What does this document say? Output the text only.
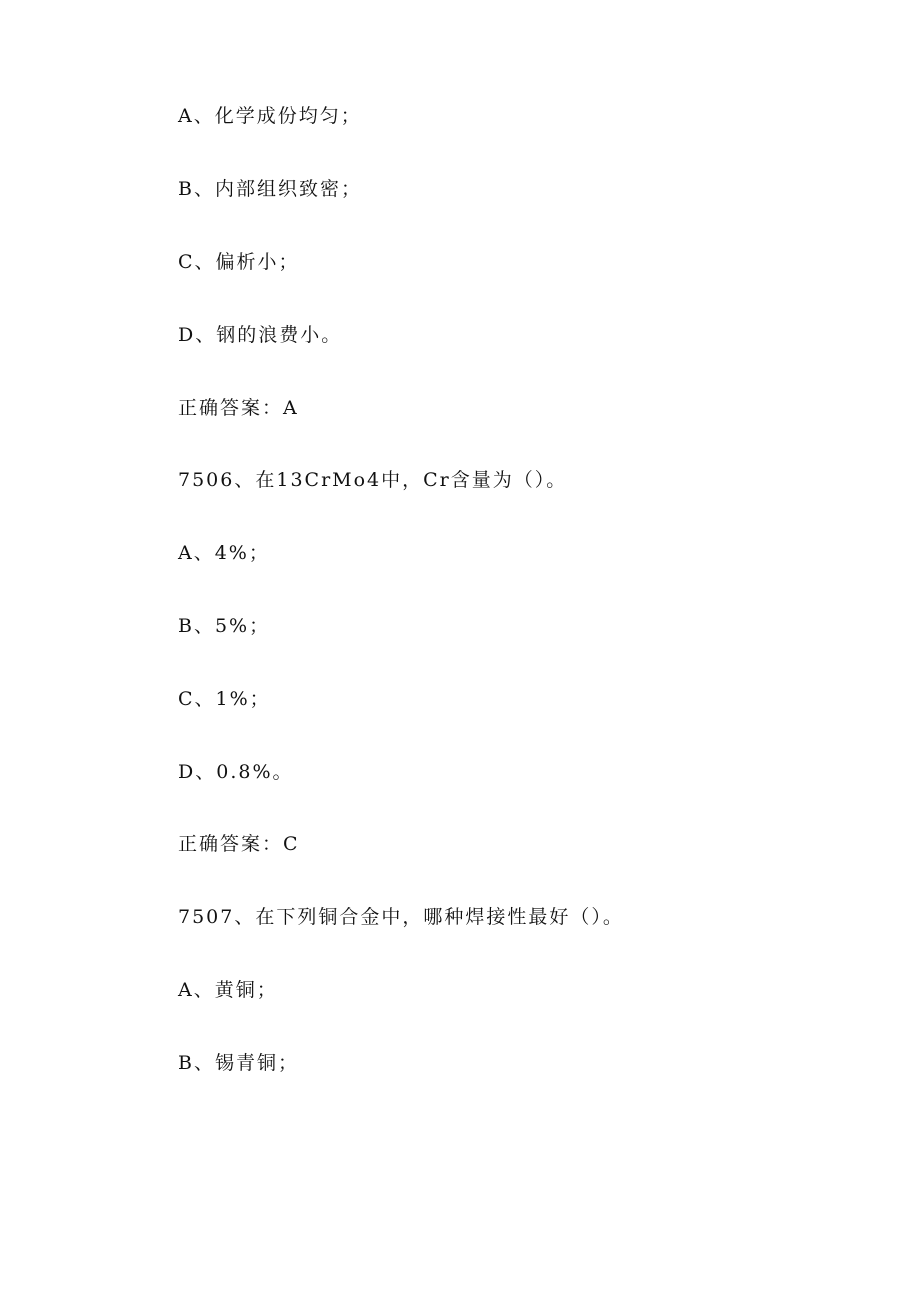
A、化学成份均匀；
B、内部组织致密；
C、偏析小；
D、钢的浪费小。
正确答案：A
7506、在13CrMo4中，Cr含量为（）。
A、4%；
B、5%；
C、1%；
D、0.8%。
正确答案：C
7507、在下列铜合金中，哪种焊接性最好（）。
A、黄铜；
B、锡青铜；
